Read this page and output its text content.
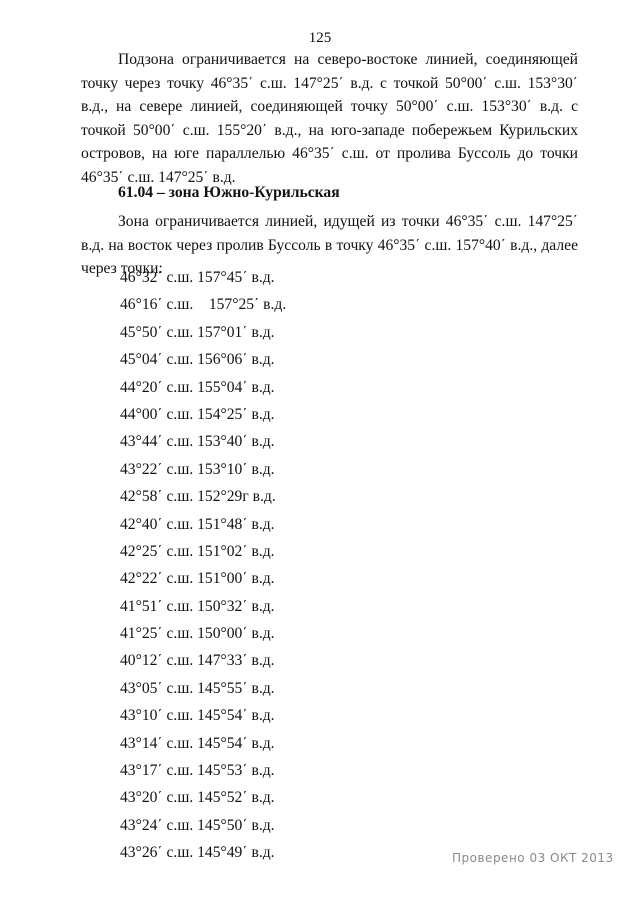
125

Подзона ограничивается на северо-востоке линией, соединяющей точку через точку 46°35΄ с.ш. 147°25΄ в.д. с точкой 50°00΄ с.ш. 153°30΄ в.д., на севере линией, соединяющей точку 50°00΄ с.ш. 153°30΄ в.д. с точкой 50°00΄ с.ш. 155°20΄ в.д., на юго-западе побережьем Курильских островов, на юге параллелью 46°35΄ с.ш. от пролива Буссоль до точки 46°35΄ с.ш. 147°25΄ в.д.

61.04 – зона Южно-Курильская

Зона ограничивается линией, идущей из точки 46°35΄ с.ш. 147°25΄ в.д. на восток через пролив Буссоль в точку 46°35΄ с.ш. 157°40΄ в.д., далее через точки:

46°32΄ с.ш. 157°45΄ в.д.
46°16΄ с.ш.    157°25΄ в.д.
45°50΄ с.ш. 157°01΄ в.д.
45°04΄ с.ш. 156°06΄ в.д.
44°20΄ с.ш. 155°04΄ в.д.
44°00΄ с.ш. 154°25΄ в.д.
43°44΄ с.ш. 153°40΄ в.д.
43°22΄ с.ш. 153°10΄ в.д.
42°58΄ с.ш. 152°29г в.д.
42°40΄ с.ш. 151°48΄ в.д.
42°25΄ с.ш. 151°02΄ в.д.
42°22΄ с.ш. 151°00΄ в.д.
41°51΄ с.ш. 150°32΄ в.д.
41°25΄ с.ш. 150°00΄ в.д.
40°12΄ с.ш. 147°33΄ в.д.
43°05΄ с.ш. 145°55΄ в.д.
43°10΄ с.ш. 145°54΄ в.д.
43°14΄ с.ш. 145°54΄ в.д.
43°17΄ с.ш. 145°53΄ в.д.
43°20΄ с.ш. 145°52΄ в.д.
43°24΄ с.ш. 145°50΄ в.д.
43°26΄ с.ш. 145°49΄ в.д.	Проверено 03 ОКТ 2013
